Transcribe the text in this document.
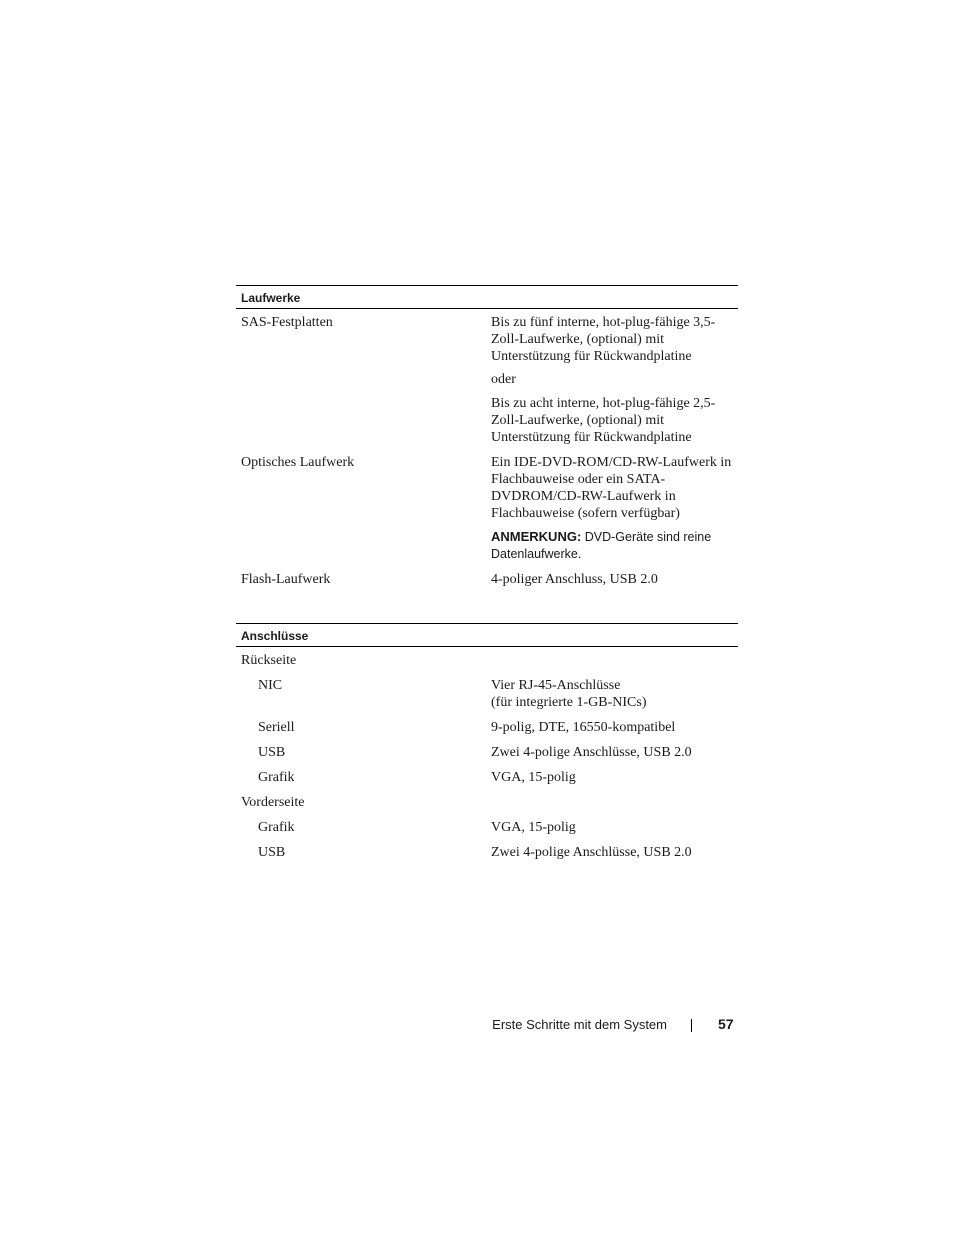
Laufwerke
SAS-Festplatten	Bis zu fünf interne, hot-plug-fähige 3,5-Zoll-Laufwerke, (optional) mit Unterstützung für Rückwandplatine
oder
Bis zu acht interne, hot-plug-fähige 2,5-Zoll-Laufwerke, (optional) mit Unterstützung für Rückwandplatine
Optisches Laufwerk	Ein IDE-DVD-ROM/CD-RW-Laufwerk in Flachbauweise oder ein SATA-DVDROM/CD-RW-Laufwerk in Flachbauweise (sofern verfügbar)
ANMERKUNG: DVD-Geräte sind reine Datenlaufwerke.
Flash-Laufwerk	4-poliger Anschluss, USB 2.0
Anschlüsse
Rückseite
NIC	Vier RJ-45-Anschlüsse
(für integrierte 1-GB-NICs)
Seriell	9-polig, DTE, 16550-kompatibel
USB	Zwei 4-polige Anschlüsse, USB 2.0
Grafik	VGA, 15-polig
Vorderseite
Grafik	VGA, 15-polig
USB	Zwei 4-polige Anschlüsse, USB 2.0
Erste Schritte mit dem System	57
